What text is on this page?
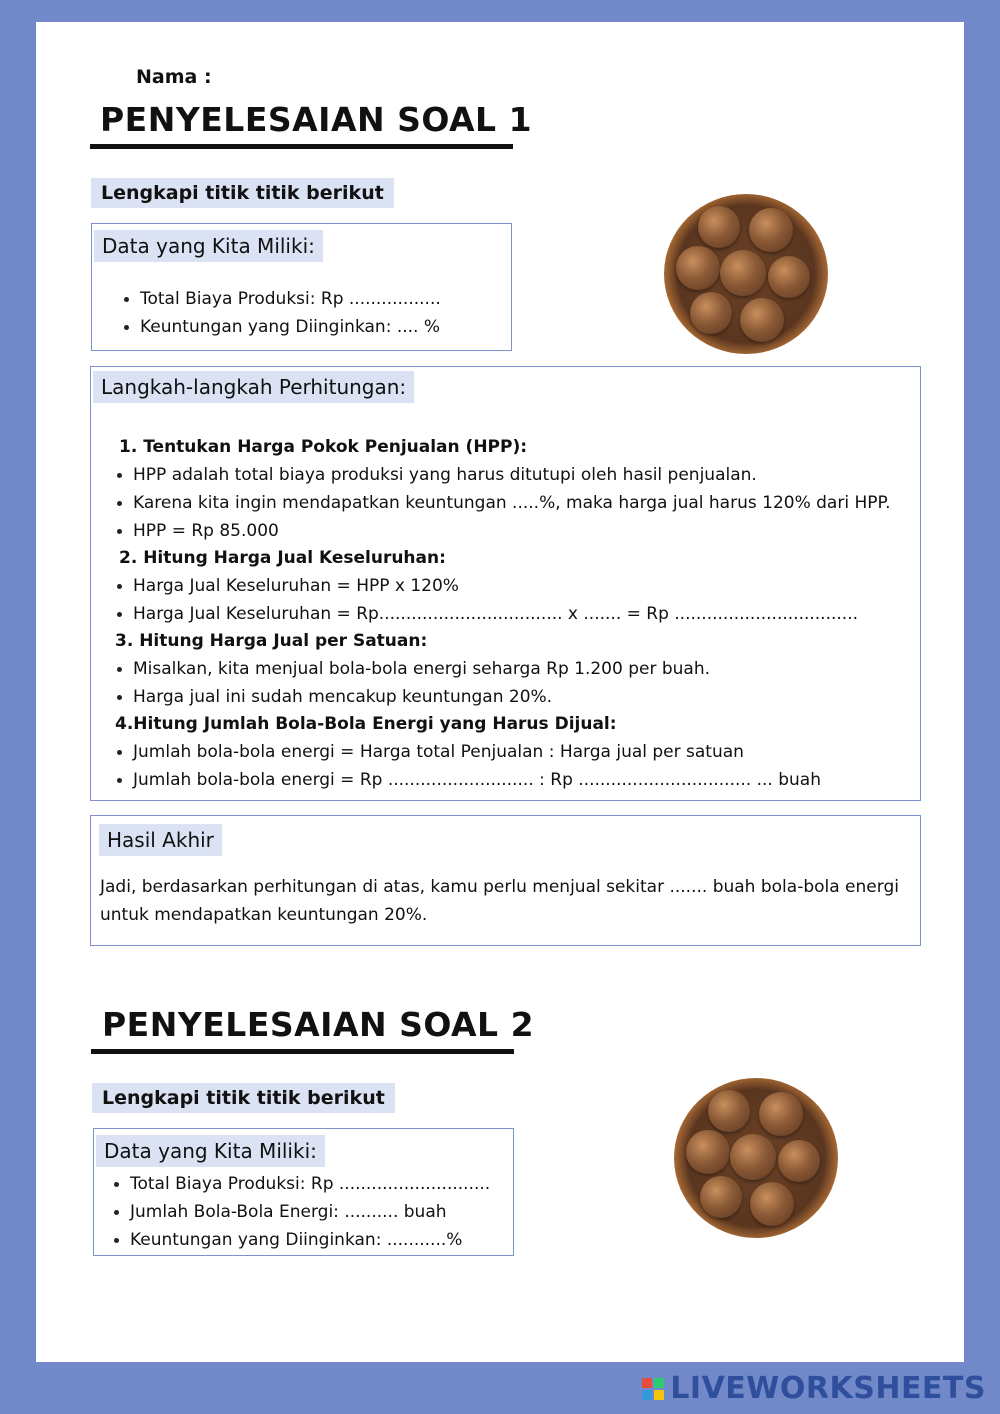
Nama :
PENYELESAIAN SOAL 1
Lengkapi titik titik berikut
Data yang Kita Miliki:
Total Biaya Produksi: Rp .................
Keuntungan yang Diinginkan: .... %
Langkah-langkah Perhitungan:
1. Tentukan Harga Pokok Penjualan (HPP):
HPP adalah total biaya produksi yang harus ditutupi oleh hasil penjualan.
Karena kita ingin mendapatkan keuntungan .....%, maka harga jual harus 120% dari HPP.
HPP = Rp 85.000
2. Hitung Harga Jual Keseluruhan:
Harga Jual Keseluruhan = HPP x 120%
Harga Jual Keseluruhan = Rp.................................. x ....... = Rp ..................................
3. Hitung Harga Jual per Satuan:
Misalkan, kita menjual bola-bola energi seharga Rp 1.200 per buah.
Harga jual ini sudah mencakup keuntungan 20%.
4.Hitung Jumlah Bola-Bola Energi yang Harus Dijual:
Jumlah bola-bola energi = Harga total Penjualan : Harga jual per satuan
Jumlah bola-bola energi = Rp ........................... : Rp ................................ ... buah
Hasil Akhir
Jadi, berdasarkan perhitungan di atas, kamu perlu menjual sekitar ....... buah bola-bola energi untuk mendapatkan keuntungan 20%.
PENYELESAIAN SOAL 2
Lengkapi titik titik berikut
Data yang Kita Miliki:
Total Biaya Produksi: Rp ............................
Jumlah Bola-Bola Energi: .......... buah
Keuntungan yang Diinginkan: ...........%
LIVEWORKSHEETS
